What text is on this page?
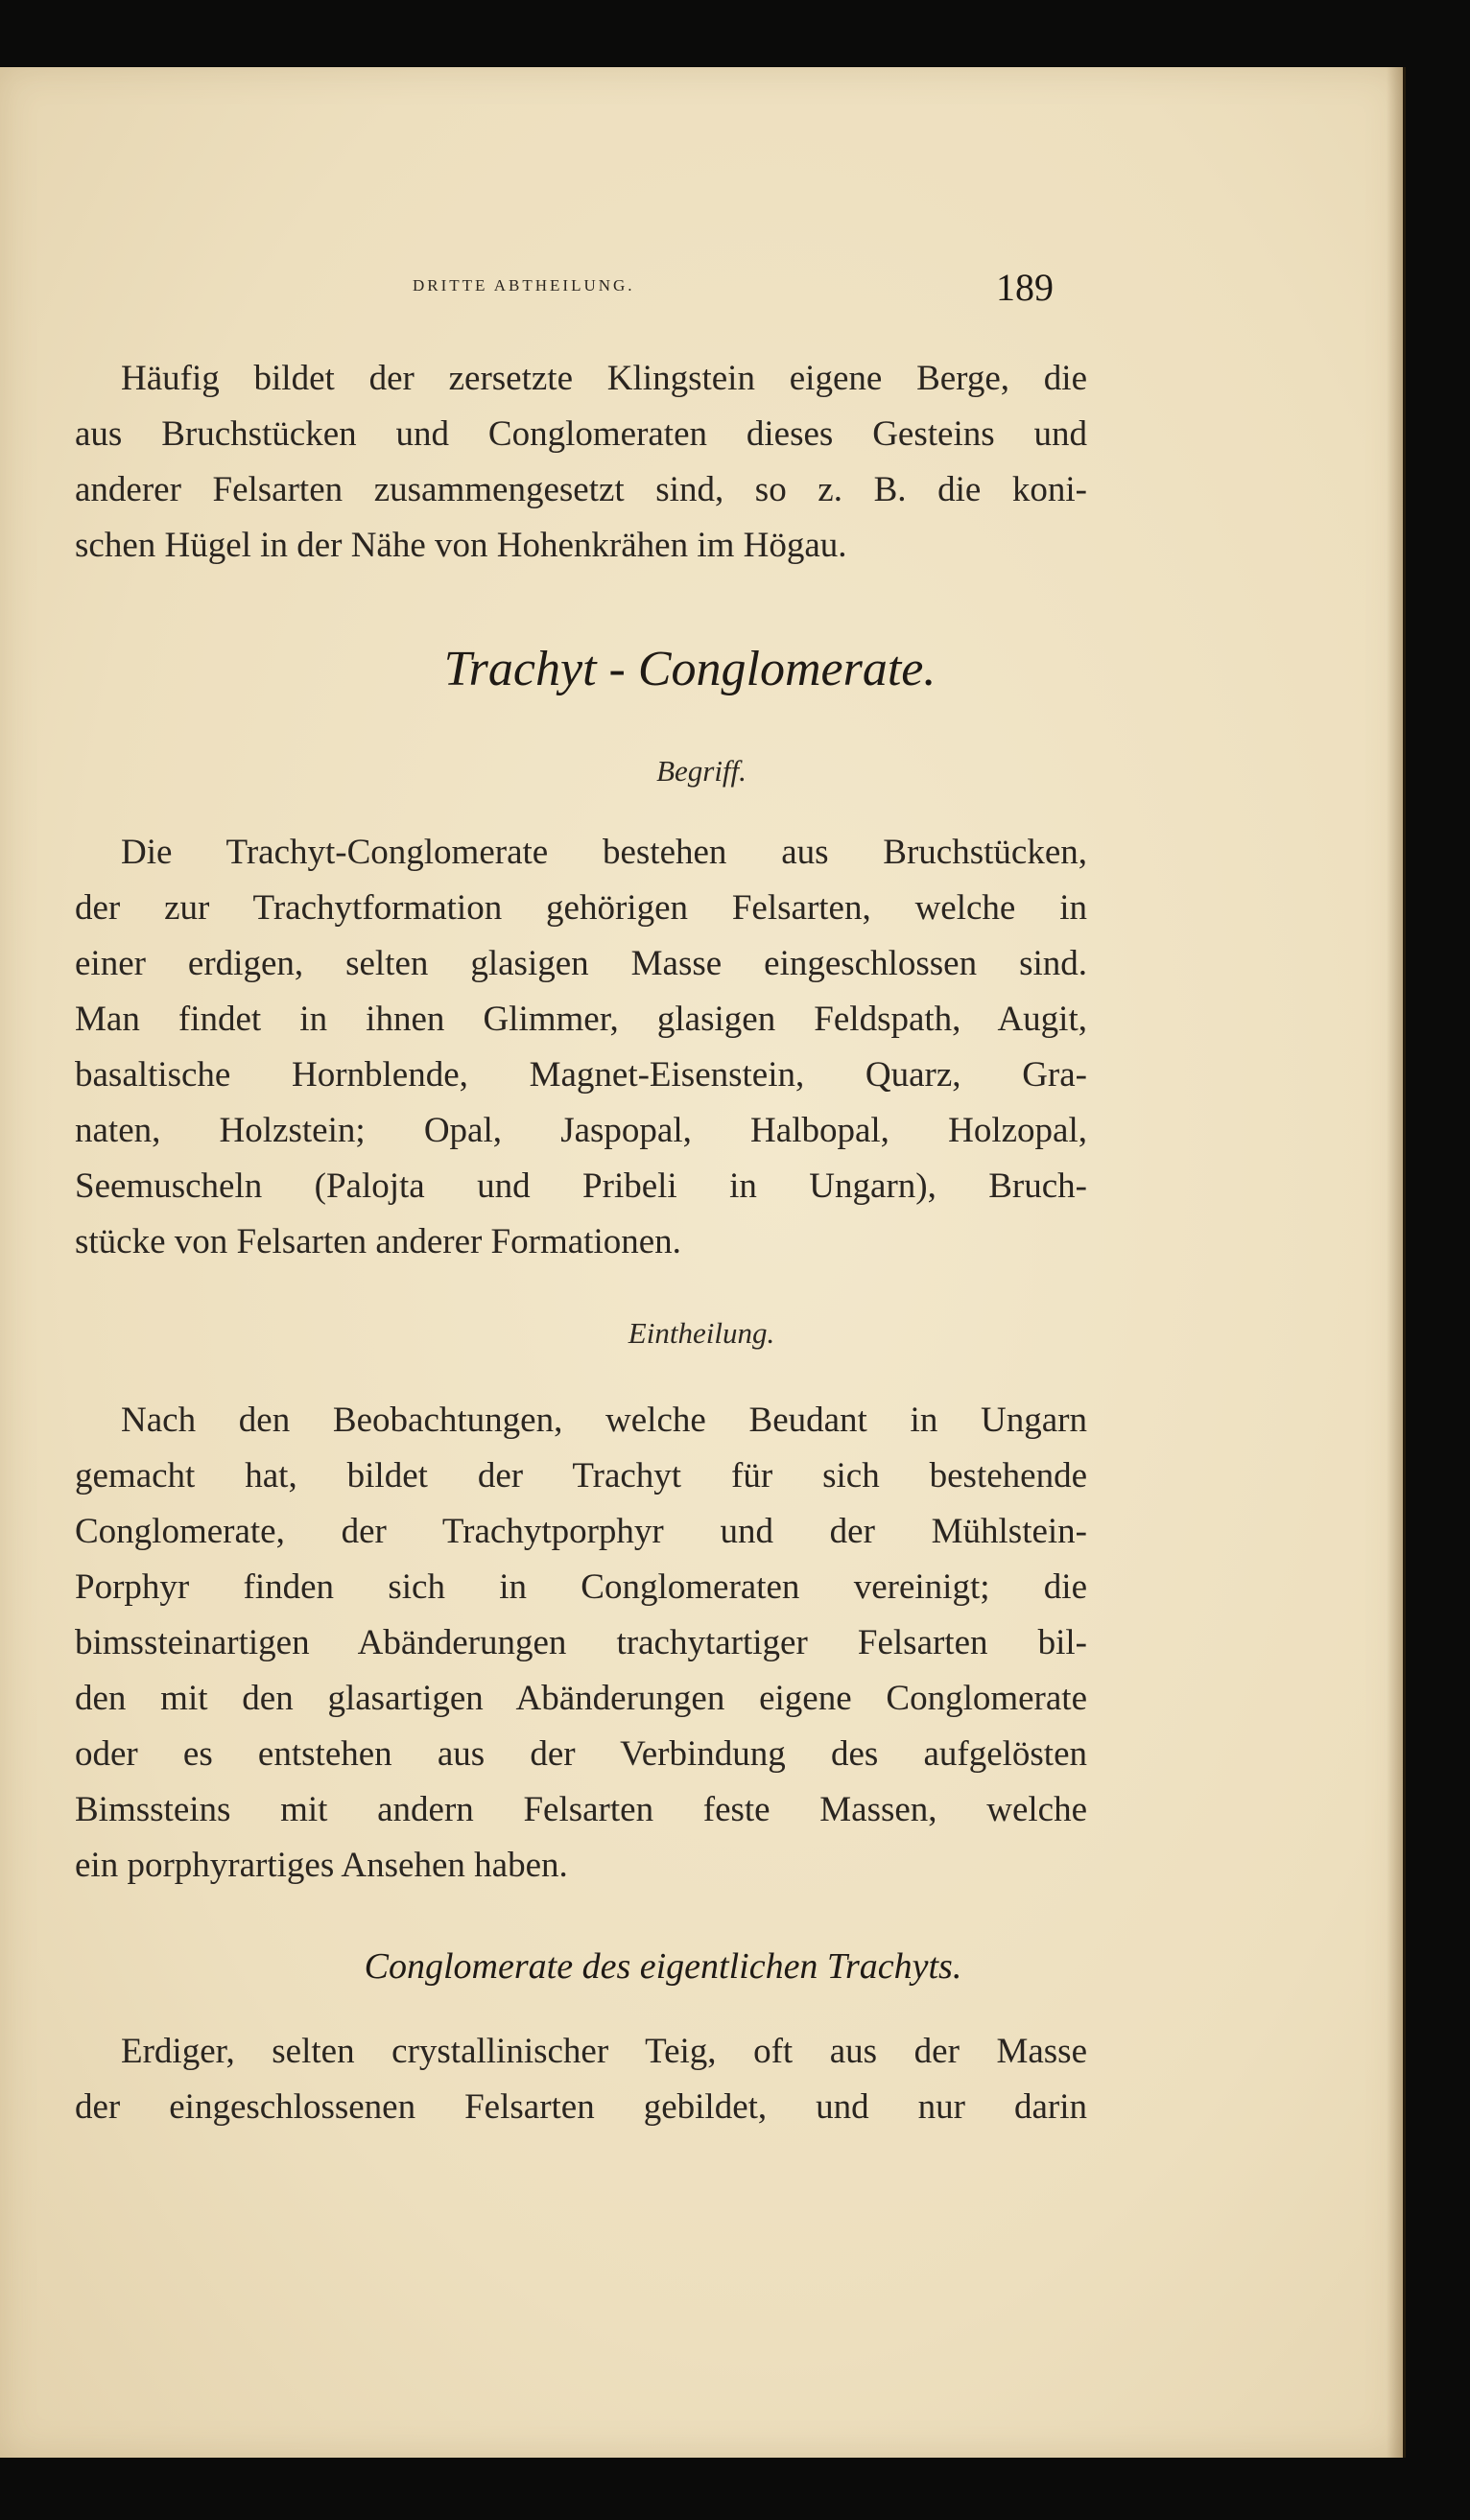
DRITTE ABTHEILUNG.	189
Häufig bildet der zersetzte Klingstein eigene Berge, die
aus Bruchstücken und Conglomeraten dieses Gesteins und
anderer Felsarten zusammengesetzt sind, so z. B. die koni-
schen Hügel in der Nähe von Hohenkrähen im Högau.
Trachyt - Conglomerate.
Begriff.
Die Trachyt-Conglomerate bestehen aus Bruchstücken,
der zur Trachytformation gehörigen Felsarten, welche in
einer erdigen, selten glasigen Masse eingeschlossen sind.
Man findet in ihnen Glimmer, glasigen Feldspath, Augit,
basaltische Hornblende, Magnet-Eisenstein, Quarz, Gra-
naten, Holzstein; Opal, Jaspopal, Halbopal, Holzopal,
Seemuscheln (Palojta und Pribeli in Ungarn), Bruch-
stücke von Felsarten anderer Formationen.
Eintheilung.
Nach den Beobachtungen, welche Beudant in Ungarn
gemacht hat, bildet der Trachyt für sich bestehende
Conglomerate, der Trachytporphyr und der Mühlstein-
Porphyr finden sich in Conglomeraten vereinigt; die
bimssteinartigen Abänderungen trachytartiger Felsarten bil-
den mit den glasartigen Abänderungen eigene Conglomerate
oder es entstehen aus der Verbindung des aufgelösten
Bimssteins mit andern Felsarten feste Massen, welche
ein porphyrartiges Ansehen haben.
Conglomerate des eigentlichen Trachyts.
Erdiger, selten crystallinischer Teig, oft aus der Masse
der eingeschlossenen Felsarten gebildet, und nur darin
